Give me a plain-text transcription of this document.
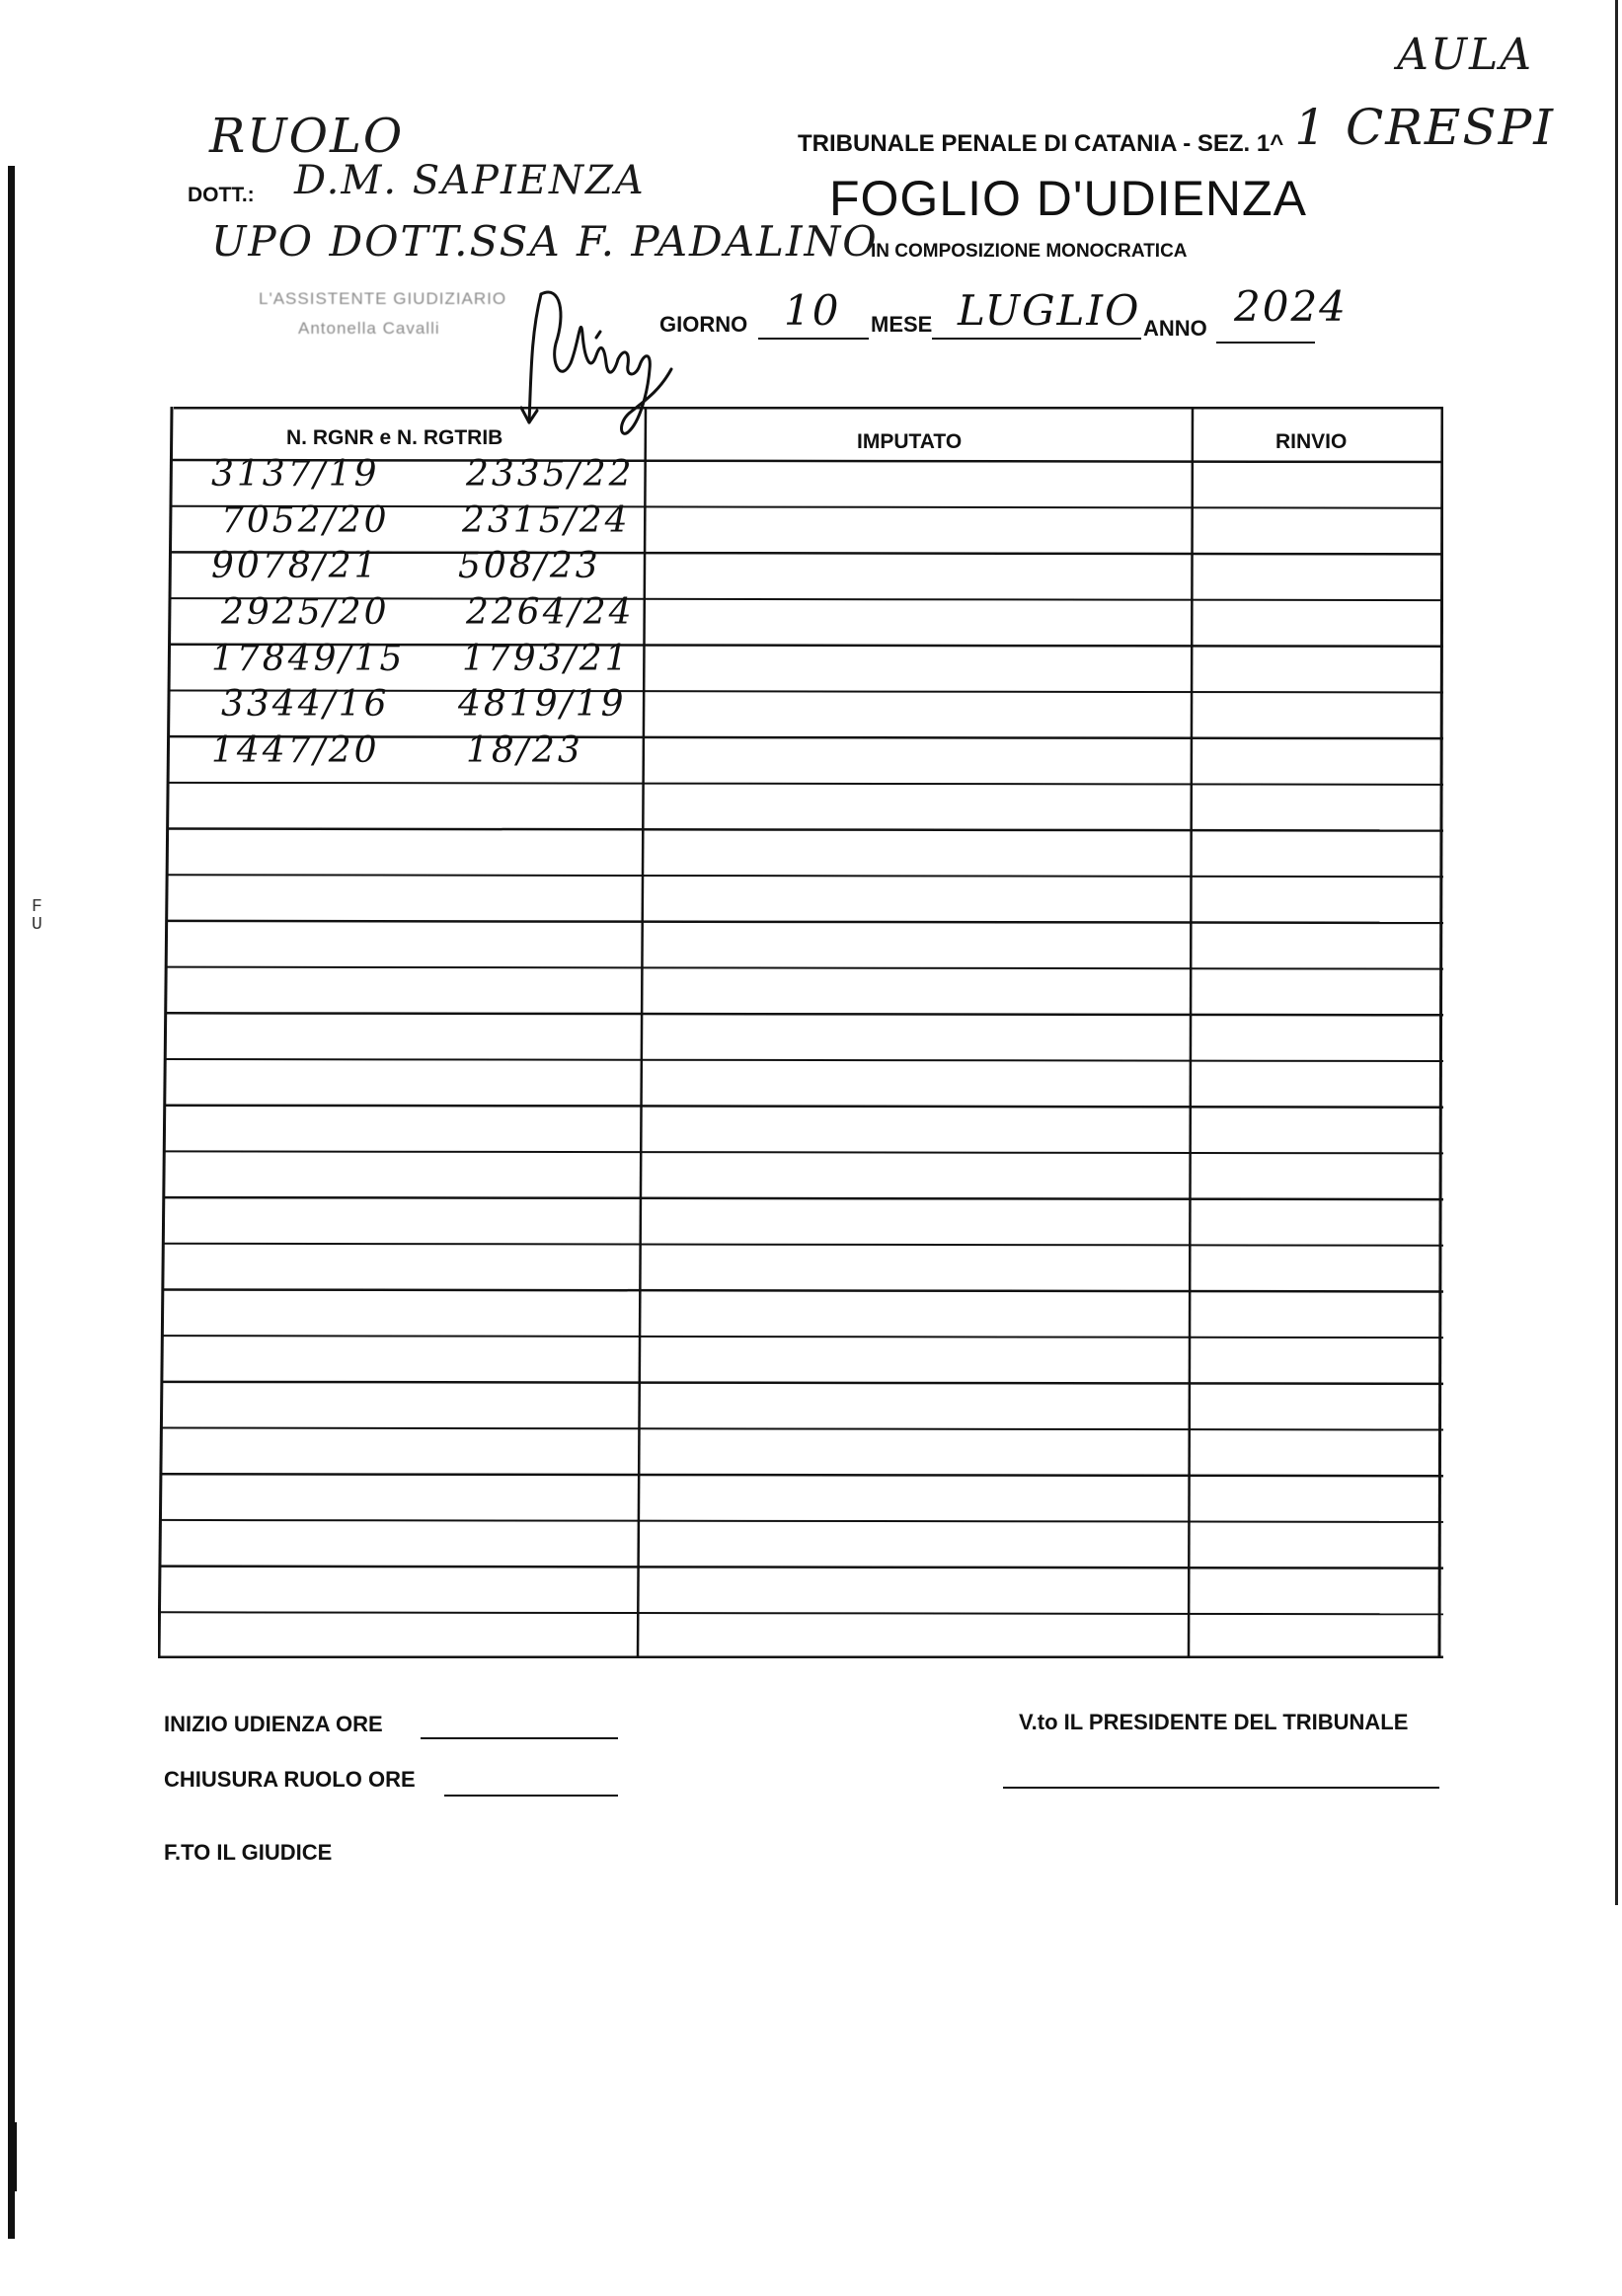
F
U
AULA
1 CRESPI
RUOLO	TRIBUNALE PENALE DI CATANIA - SEZ. 1^
DOTT.: D.M. SAPIENZA
UPO DOTT.SSA F. PADALINO
FOGLIO D'UDIENZA
IN COMPOSIZIONE MONOCRATICA
L'ASSISTENTE GIUDIZIARIO
Antonella Cavalli	GIORNO 10 MESE LUGLIO ANNO 2024
N. RGNR e N. RGTRIB	IMPUTATO	RINVIO
3137/19 2335/22
7052/20 2315/24
9078/21 508/23
2925/20 2264/24
17849/15 1793/21
3344/16 4819/19
1447/20 18/23
INIZIO UDIENZA ORE
CHIUSURA RUOLO ORE
F.TO IL GIUDICE
V.to IL PRESIDENTE DEL TRIBUNALE
